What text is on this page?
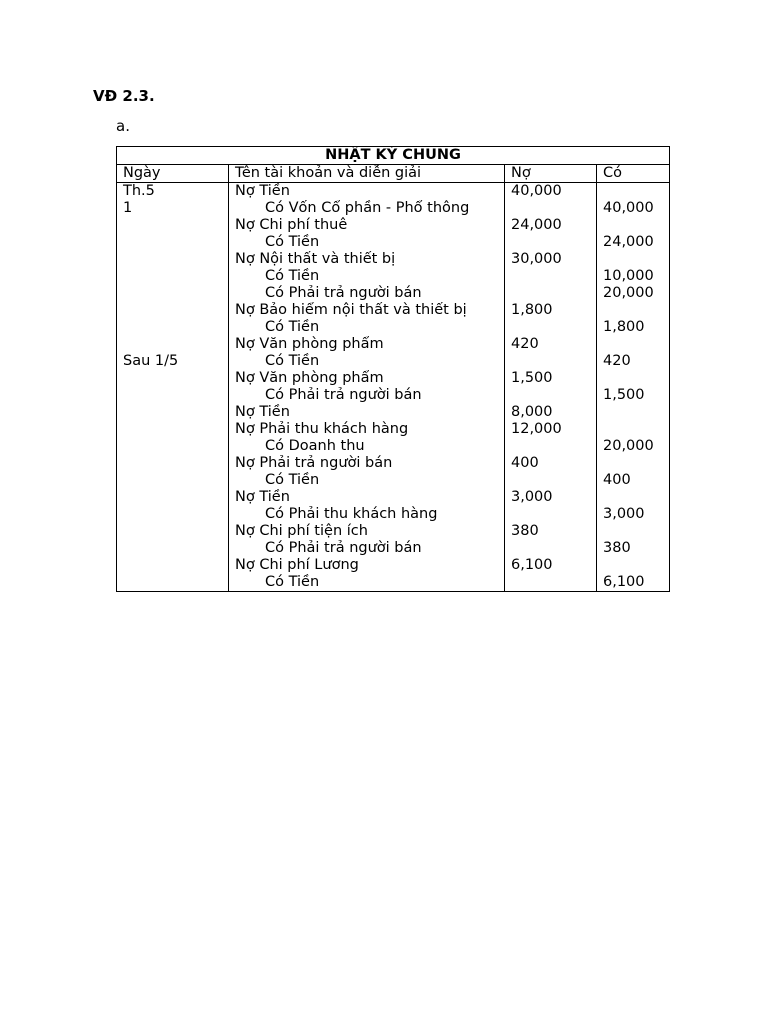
VĐ 2.3.

a.

NHẬT KÝ CHUNG			
Ngày	Tên tài khoản và diễn giải	Nợ	Có
Th.5	Nợ Tiền	40,000	
1	Có Vốn Cổ phần - Phổ thông		40,000
	Nợ Chi phí thuê	24,000	
	Có Tiền		24,000
	Nợ Nội thất và thiết bị	30,000	
	Có Tiền		10,000
	Có Phải trả người bán		20,000
	Nợ Bảo hiểm nội thất và thiết bị	1,800	
	Có Tiền		1,800
	Nợ Văn phòng phẩm	420	
Sau 1/5	Có Tiền		420
	Nợ Văn phòng phẩm	1,500	
	Có Phải trả người bán		1,500
	Nợ Tiền	8,000	
	Nợ Phải thu khách hàng	12,000	
	Có Doanh thu		20,000
	Nợ Phải trả người bán	400	
	Có Tiền		400
	Nợ Tiền	3,000	
	Có Phải thu khách hàng		3,000
	Nợ Chi phí tiện ích	380	
	Có Phải trả người bán		380
	Nợ Chi phí Lương	6,100	
	Có Tiền		6,100
